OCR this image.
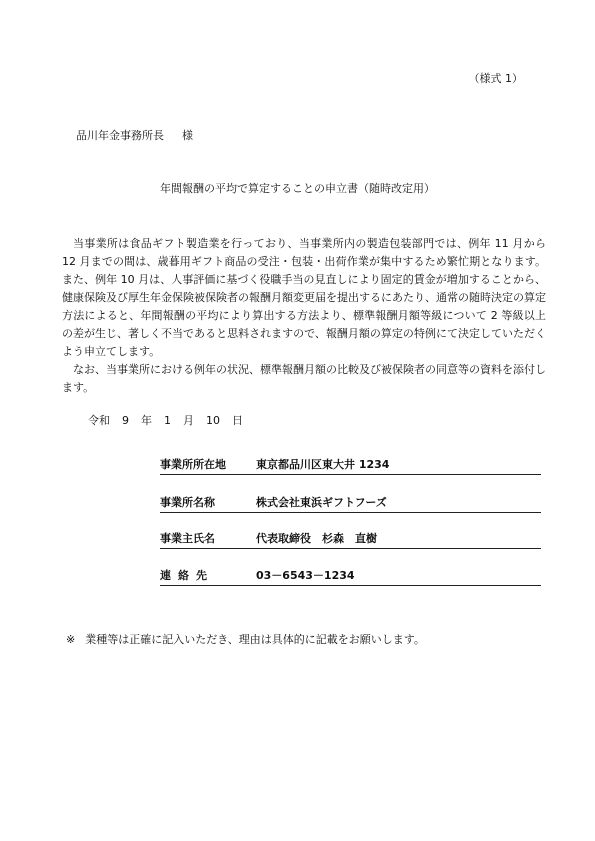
（様式 1）
品川年金事務所長 様
年間報酬の平均で算定することの申立書（随時改定用）

当事業所は食品ギフト製造業を行っており、当事業所内の製造包装部門では、例年 11 月から 12 月までの間は、歳暮用ギフト商品の受注・包装・出荷作業が集中するため繁忙期となります。また、例年 10 月は、人事評価に基づく役職手当の見直しにより固定的賃金が増加することから、健康保険及び厚生年金保険被保険者の報酬月額変更届を提出するにあたり、通常の随時決定の算定方法によると、年間報酬の平均により算出する方法より、標準報酬月額等級について 2 等級以上の差が生じ、著しく不当であると思料されますので、報酬月額の算定の特例にて決定していただくよう申立てします。

なお、当事業所における例年の状況、標準報酬月額の比較及び被保険者の同意等の資料を添付します。

令和 9 年 1 月 10 日
事業所所在地	東京都品川区東大井 1234
事業所名称	株式会社東浜ギフトフーズ
事業主氏名	代表取締役　杉森　直樹
連絡先	03－6543－1234
※ 業種等は正確に記入いただき、理由は具体的に記載をお願いします。
